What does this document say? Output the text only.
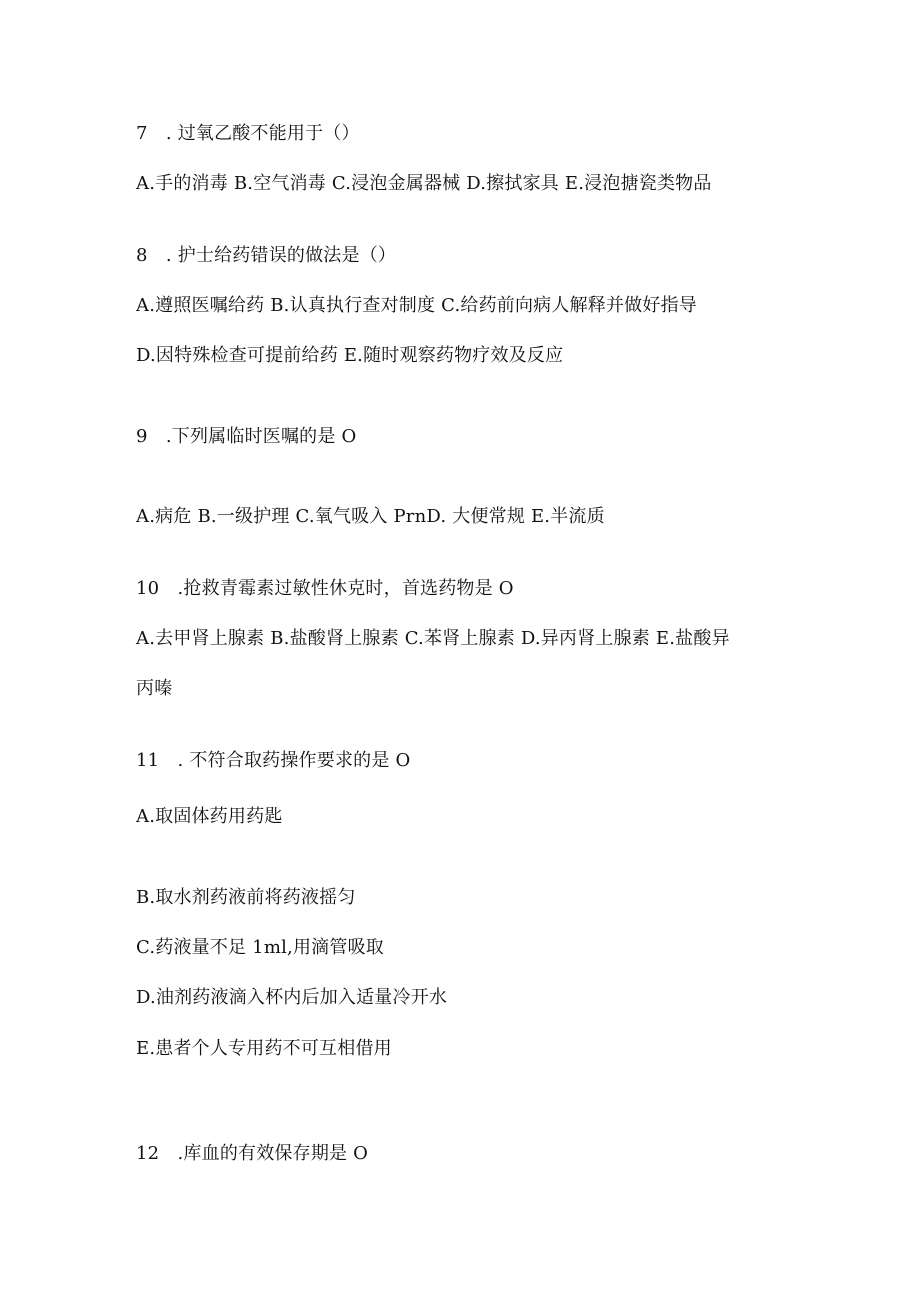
7　. 过氧乙酸不能用于（）
A.手的消毒 B.空气消毒 C.浸泡金属器械 D.擦拭家具 E.浸泡搪瓷类物品
8　. 护士给药错误的做法是（）
A.遵照医嘱给药 B.认真执行查对制度 C.给药前向病人解释并做好指导
D.因特殊检查可提前给药 E.随时观察药物疗效及反应
9　.下列属临时医嘱的是 O
A.病危 B.一级护理 C.氧气吸入 PrnD. 大便常规 E.半流质
10　.抢救青霉素过敏性休克时，首选药物是 O
A.去甲肾上腺素 B.盐酸肾上腺素 C.苯肾上腺素 D.异丙肾上腺素 E.盐酸异
丙嗪
11　. 不符合取药操作要求的是 O
A.取固体药用药匙
B.取水剂药液前将药液摇匀
C.药液量不足 1ml,用滴管吸取
D.油剂药液滴入杯内后加入适量冷开水
E.患者个人专用药不可互相借用
12　.库血的有效保存期是 O
